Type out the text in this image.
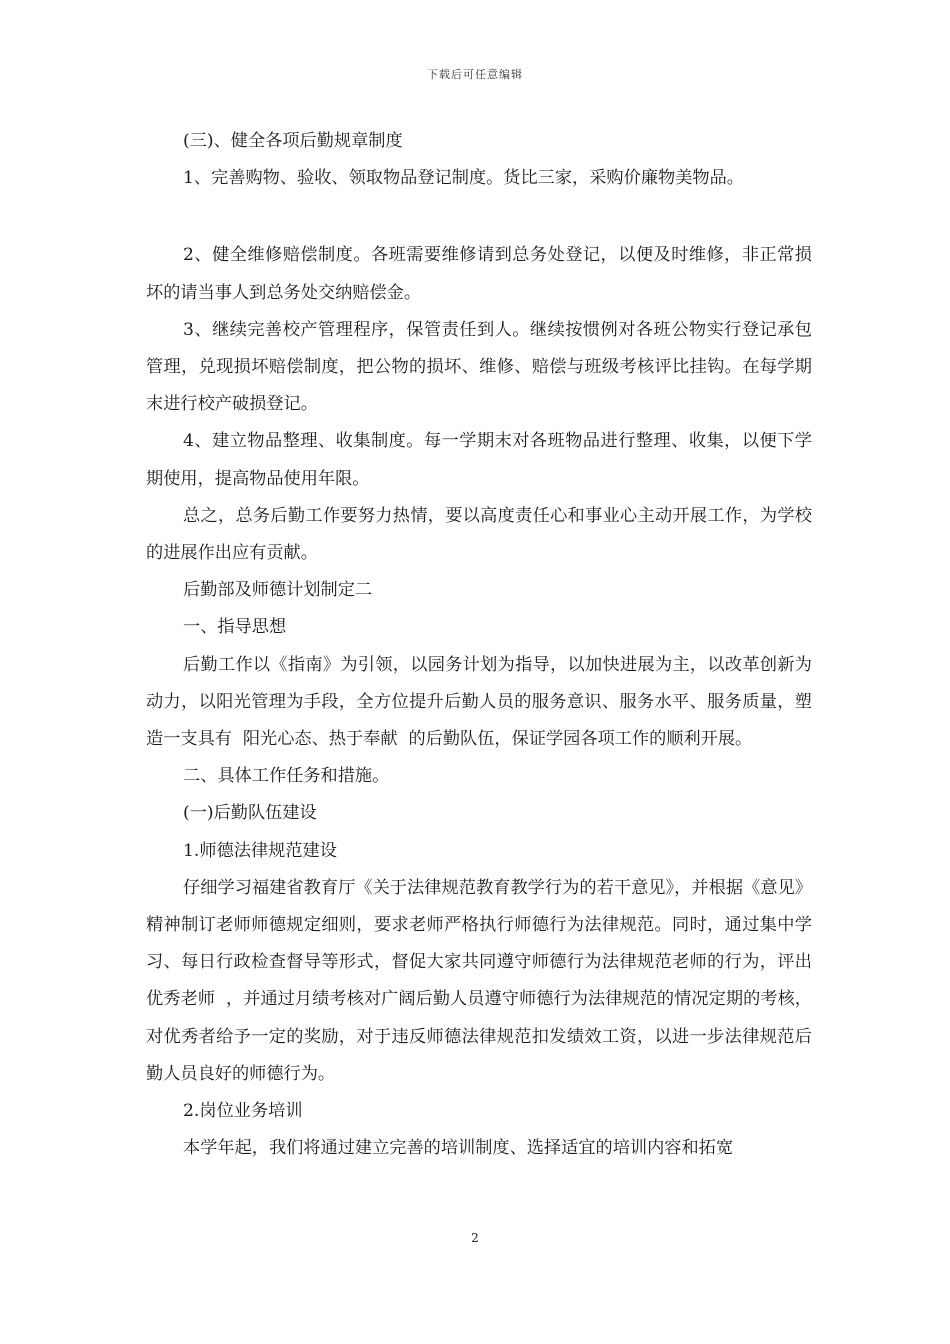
下载后可任意编辑

(三)、健全各项后勤规章制度

1、完善购物、验收、领取物品登记制度。货比三家，采购价廉物美物品。

2、健全维修赔偿制度。各班需要维修请到总务处登记，以便及时维修，非正常损坏的请当事人到总务处交纳赔偿金。

3、继续完善校产管理程序，保管责任到人。继续按惯例对各班公物实行登记承包管理，兑现损坏赔偿制度，把公物的损坏、维修、赔偿与班级考核评比挂钩。在每学期末进行校产破损登记。

4、建立物品整理、收集制度。每一学期末对各班物品进行整理、收集，以便下学期使用，提高物品使用年限。

总之，总务后勤工作要努力热情，要以高度责任心和事业心主动开展工作，为学校的进展作出应有贡献。

后勤部及师德计划制定二

一、指导思想

后勤工作以《指南》为引领，以园务计划为指导，以加快进展为主，以改革创新为动力，以阳光管理为手段，全方位提升后勤人员的服务意识、服务水平、服务质量，塑造一支具有  阳光心态、热于奉献  的后勤队伍，保证学园各项工作的顺利开展。

二、具体工作任务和措施。

(一)后勤队伍建设

1.师德法律规范建设

仔细学习福建省教育厅《关于法律规范教育教学行为的若干意见》，并根据《意见》精神制订老师师德规定细则，要求老师严格执行师德行为法律规范。同时，通过集中学习、每日行政检查督导等形式，督促大家共同遵守师德行为法律规范老师的行为，评出  优秀老师  ，并通过月绩考核对广阔后勤人员遵守师德行为法律规范的情况定期的考核，对优秀者给予一定的奖励，对于违反师德法律规范扣发绩效工资，以进一步法律规范后勤人员良好的师德行为。

2.岗位业务培训

本学年起，我们将通过建立完善的培训制度、选择适宜的培训内容和拓宽

2
